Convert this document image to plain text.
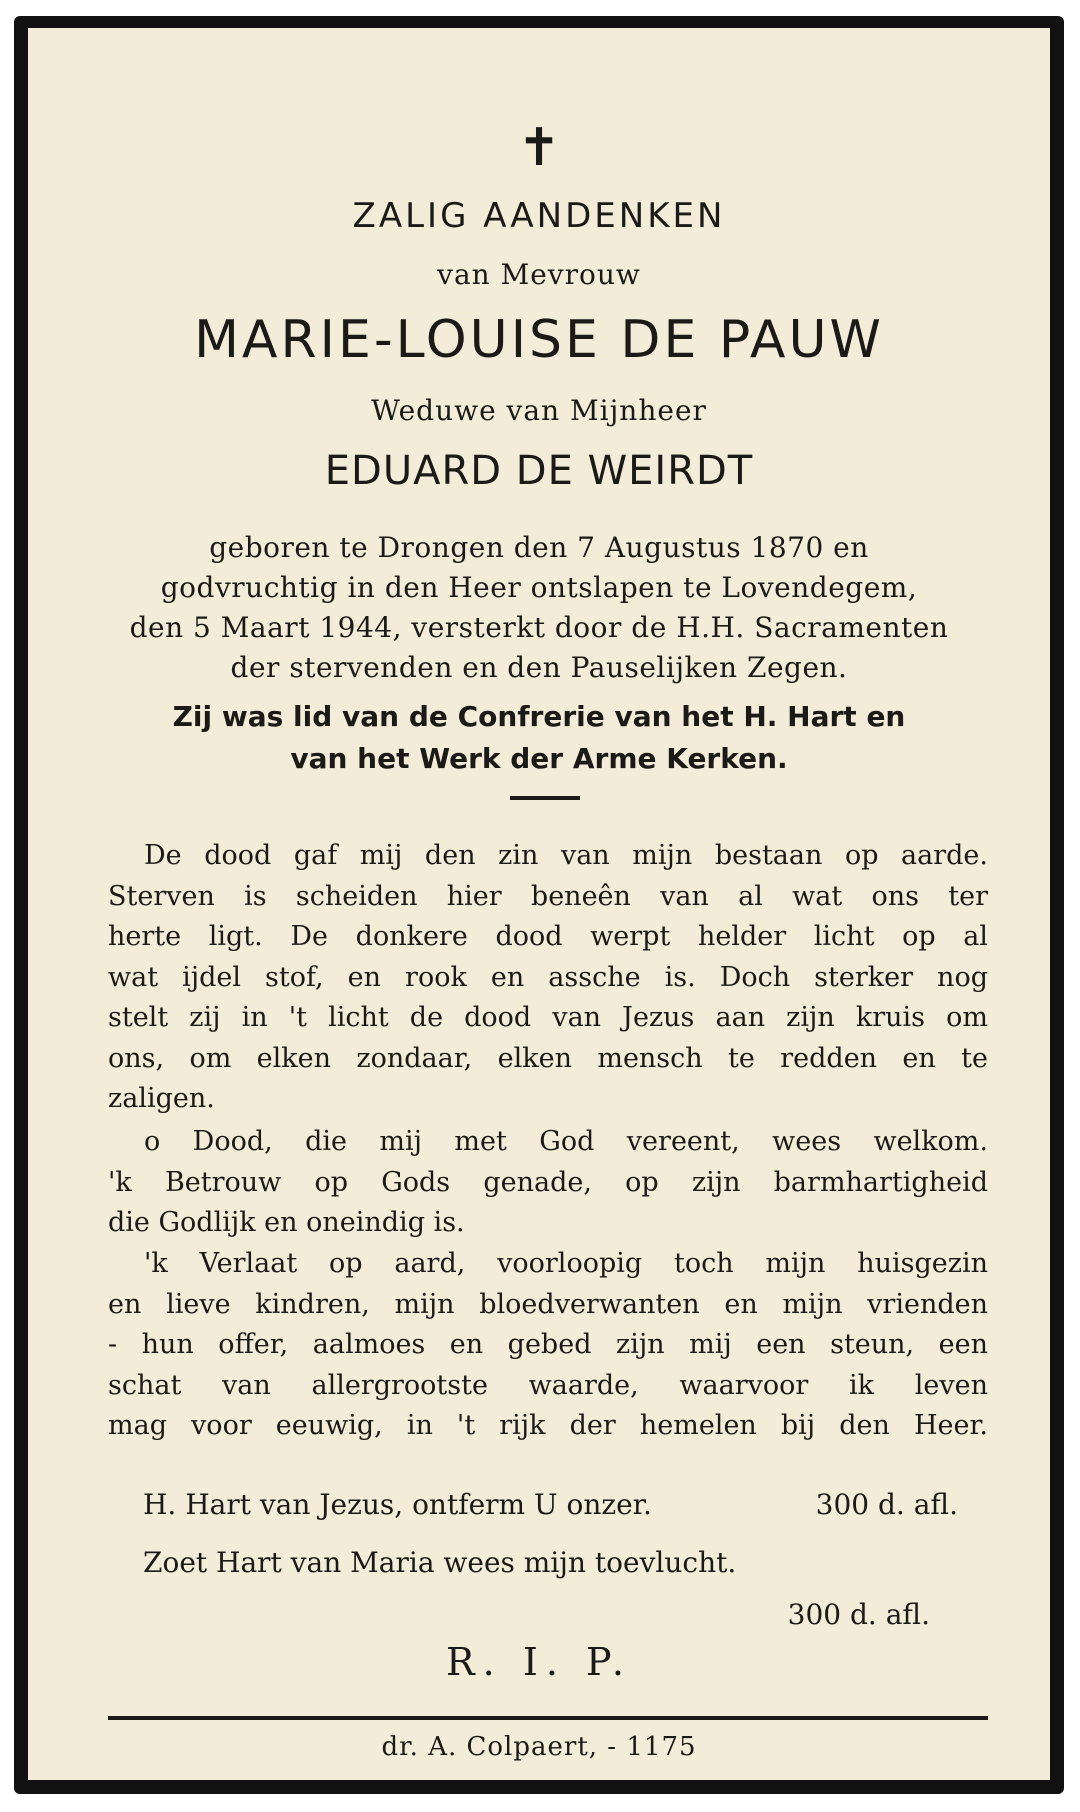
✝
ZALIG AANDENKEN
van Mevrouw
MARIE-LOUISE DE PAUW
Weduwe van Mijnheer
EDUARD DE WEIRDT
geboren te Drongen den 7 Augustus 1870 en
godvruchtig in den Heer ontslapen te Lovendegem,
den 5 Maart 1944, versterkt door de H.H. Sacramenten
der stervenden en den Pauselijken Zegen.
Zij was lid van de Confrerie van het H. Hart en
van het Werk der Arme Kerken.
De dood gaf mij den zin van mijn bestaan op aarde.
Sterven is scheiden hier beneên van al wat ons ter
herte ligt. De donkere dood werpt helder licht op al
wat ijdel stof, en rook en assche is. Doch sterker nog
stelt zij in 't licht de dood van Jezus aan zijn kruis om
ons, om elken zondaar, elken mensch te redden en te
zaligen.
o Dood, die mij met God vereent, wees welkom.
'k Betrouw op Gods genade, op zijn barmhartigheid
die Godlijk en oneindig is.
'k Verlaat op aard, voorloopig toch mijn huisgezin
en lieve kindren, mijn bloedverwanten en mijn vrienden
- hun offer, aalmoes en gebed zijn mij een steun, een
schat van allergrootste waarde, waarvoor ik leven
mag voor eeuwig, in 't rijk der hemelen bij den Heer.
H. Hart van Jezus, ontferm U onzer.	300 d. afl.
Zoet Hart van Maria wees mijn toevlucht.
300 d. afl.
R. I. P.
dr. A. Colpaert, - 1175
